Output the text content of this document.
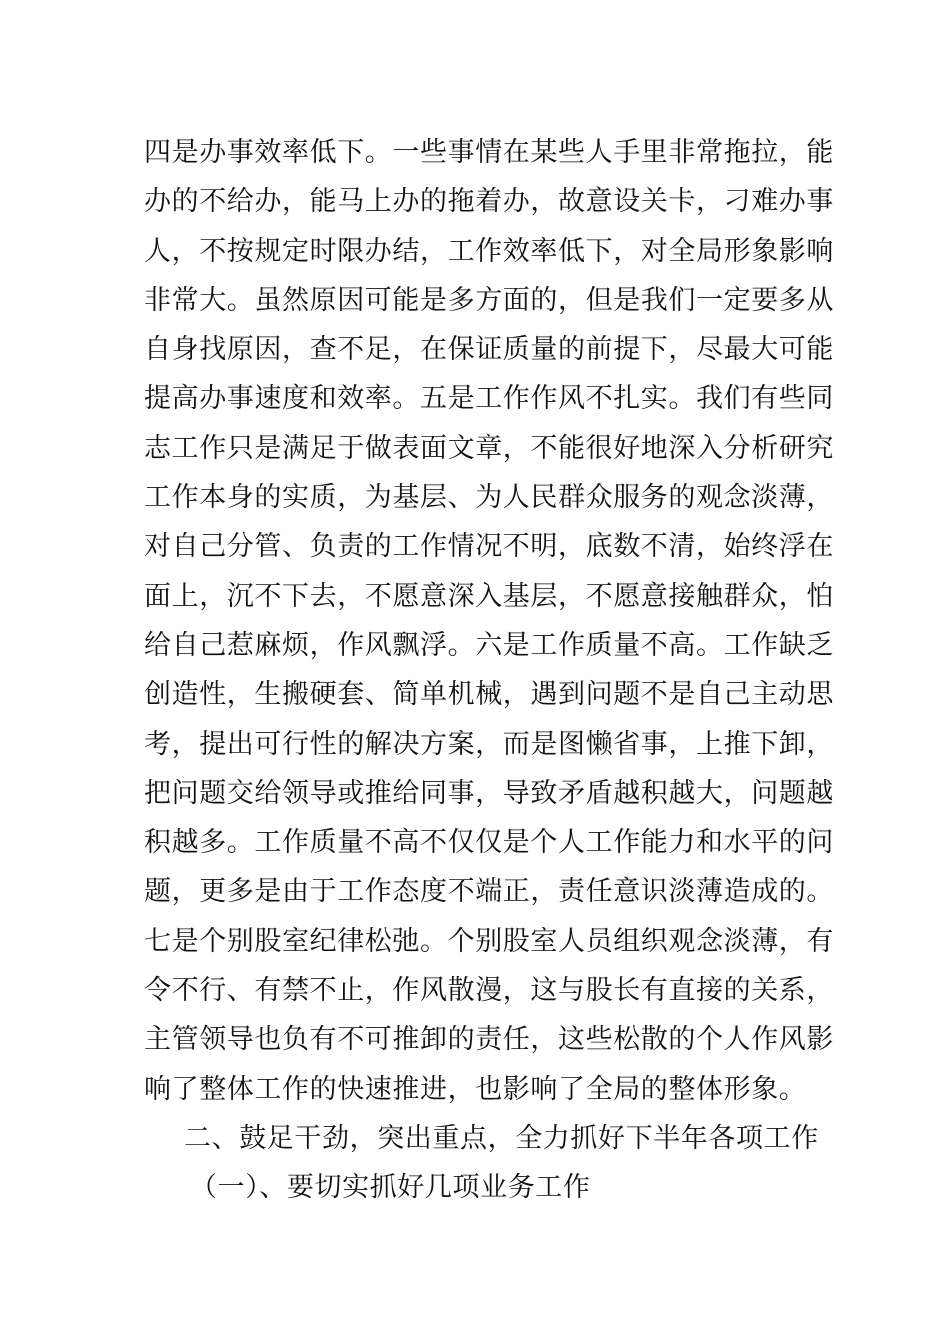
四是办事效率低下。一些事情在某些人手里非常拖拉，能
办的不给办，能马上办的拖着办，故意设关卡，刁难办事
人，不按规定时限办结，工作效率低下，对全局形象影响
非常大。虽然原因可能是多方面的，但是我们一定要多从
自身找原因，查不足，在保证质量的前提下，尽最大可能
提高办事速度和效率。五是工作作风不扎实。我们有些同
志工作只是满足于做表面文章，不能很好地深入分析研究
工作本身的实质，为基层、为人民群众服务的观念淡薄，
对自己分管、负责的工作情况不明，底数不清，始终浮在
面上，沉不下去，不愿意深入基层，不愿意接触群众，怕
给自己惹麻烦，作风飘浮。六是工作质量不高。工作缺乏
创造性，生搬硬套、简单机械，遇到问题不是自己主动思
考，提出可行性的解决方案，而是图懒省事，上推下卸，
把问题交给领导或推给同事，导致矛盾越积越大，问题越
积越多。工作质量不高不仅仅是个人工作能力和水平的问
题，更多是由于工作态度不端正，责任意识淡薄造成的。
七是个别股室纪律松弛。个别股室人员组织观念淡薄，有
令不行、有禁不止，作风散漫，这与股长有直接的关系，
主管领导也负有不可推卸的责任，这些松散的个人作风影
响了整体工作的快速推进，也影响了全局的整体形象。
二、鼓足干劲，突出重点，全力抓好下半年各项工作
（一）、要切实抓好几项业务工作
